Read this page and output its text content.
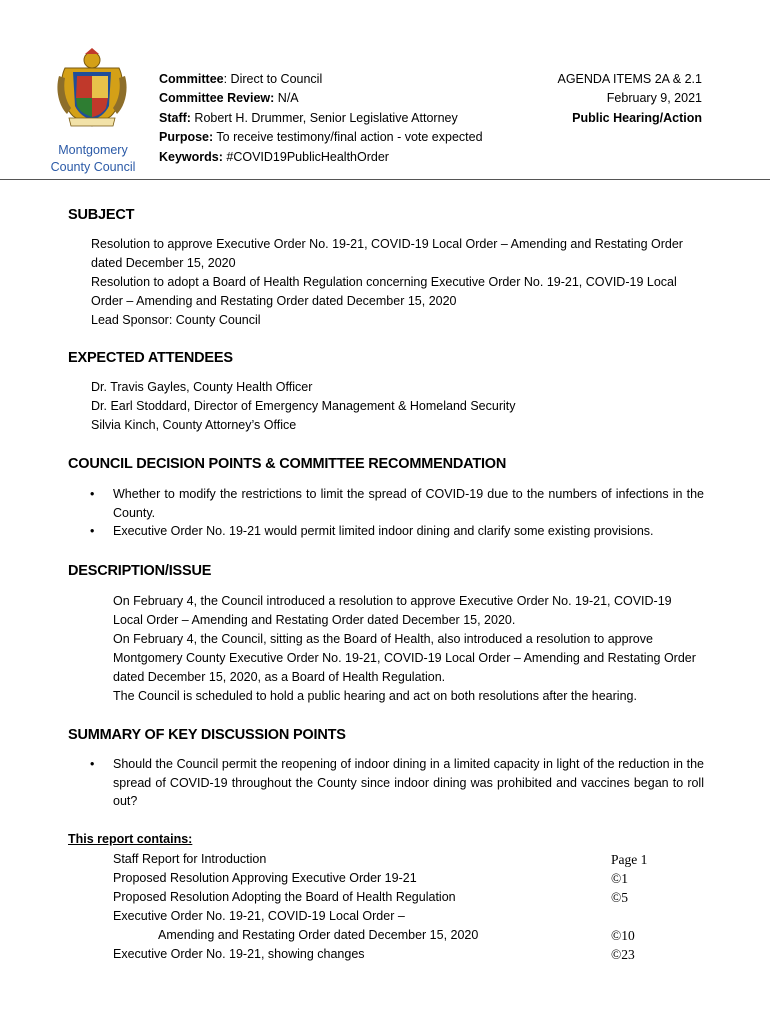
Montgomery
County Council
Committee: Direct to Council
Committee Review: N/A
Staff: Robert H. Drummer, Senior Legislative Attorney
Purpose: To receive testimony/final action - vote expected
Keywords: #COVID19PublicHealthOrder
AGENDA ITEMS 2A & 2.1
February 9, 2021
Public Hearing/Action
SUBJECT

Resolution to approve Executive Order No. 19-21, COVID-19 Local Order – Amending and Restating Order dated December 15, 2020

Resolution to adopt a Board of Health Regulation concerning Executive Order No. 19-21, COVID-19 Local Order – Amending and Restating Order dated December 15, 2020

Lead Sponsor: County Council

EXPECTED ATTENDEES

Dr. Travis Gayles, County Health Officer

Dr. Earl Stoddard, Director of Emergency Management & Homeland Security

Silvia Kinch, County Attorney’s Office

COUNCIL DECISION POINTS & COMMITTEE RECOMMENDATION
• Whether to modify the restrictions to limit the spread of COVID-19 due to the numbers of infections in the County.
• Executive Order No. 19-21 would permit limited indoor dining and clarify some existing provisions.
DESCRIPTION/ISSUE

On February 4, the Council introduced a resolution to approve Executive Order No. 19-21, COVID-19 Local Order – Amending and Restating Order dated December 15, 2020.

On February 4, the Council, sitting as the Board of Health, also introduced a resolution to approve Montgomery County Executive Order No. 19-21, COVID-19 Local Order – Amending and Restating Order dated December 15, 2020, as a Board of Health Regulation.

The Council is scheduled to hold a public hearing and act on both resolutions after the hearing.

SUMMARY OF KEY DISCUSSION POINTS
• Should the Council permit the reopening of indoor dining in a limited capacity in light of the reduction in the spread of COVID-19 throughout the County since indoor dining was prohibited and vaccines began to roll out?
This report contains:
Staff Report for Introduction	Page 1
Proposed Resolution Approving Executive Order 19-21	©1
Proposed Resolution Adopting the Board of Health Regulation	©5
Executive Order No. 19-21, COVID-19 Local Order –
Amending and Restating Order dated December 15, 2020	©10
Executive Order No. 19-21, showing changes	©23
